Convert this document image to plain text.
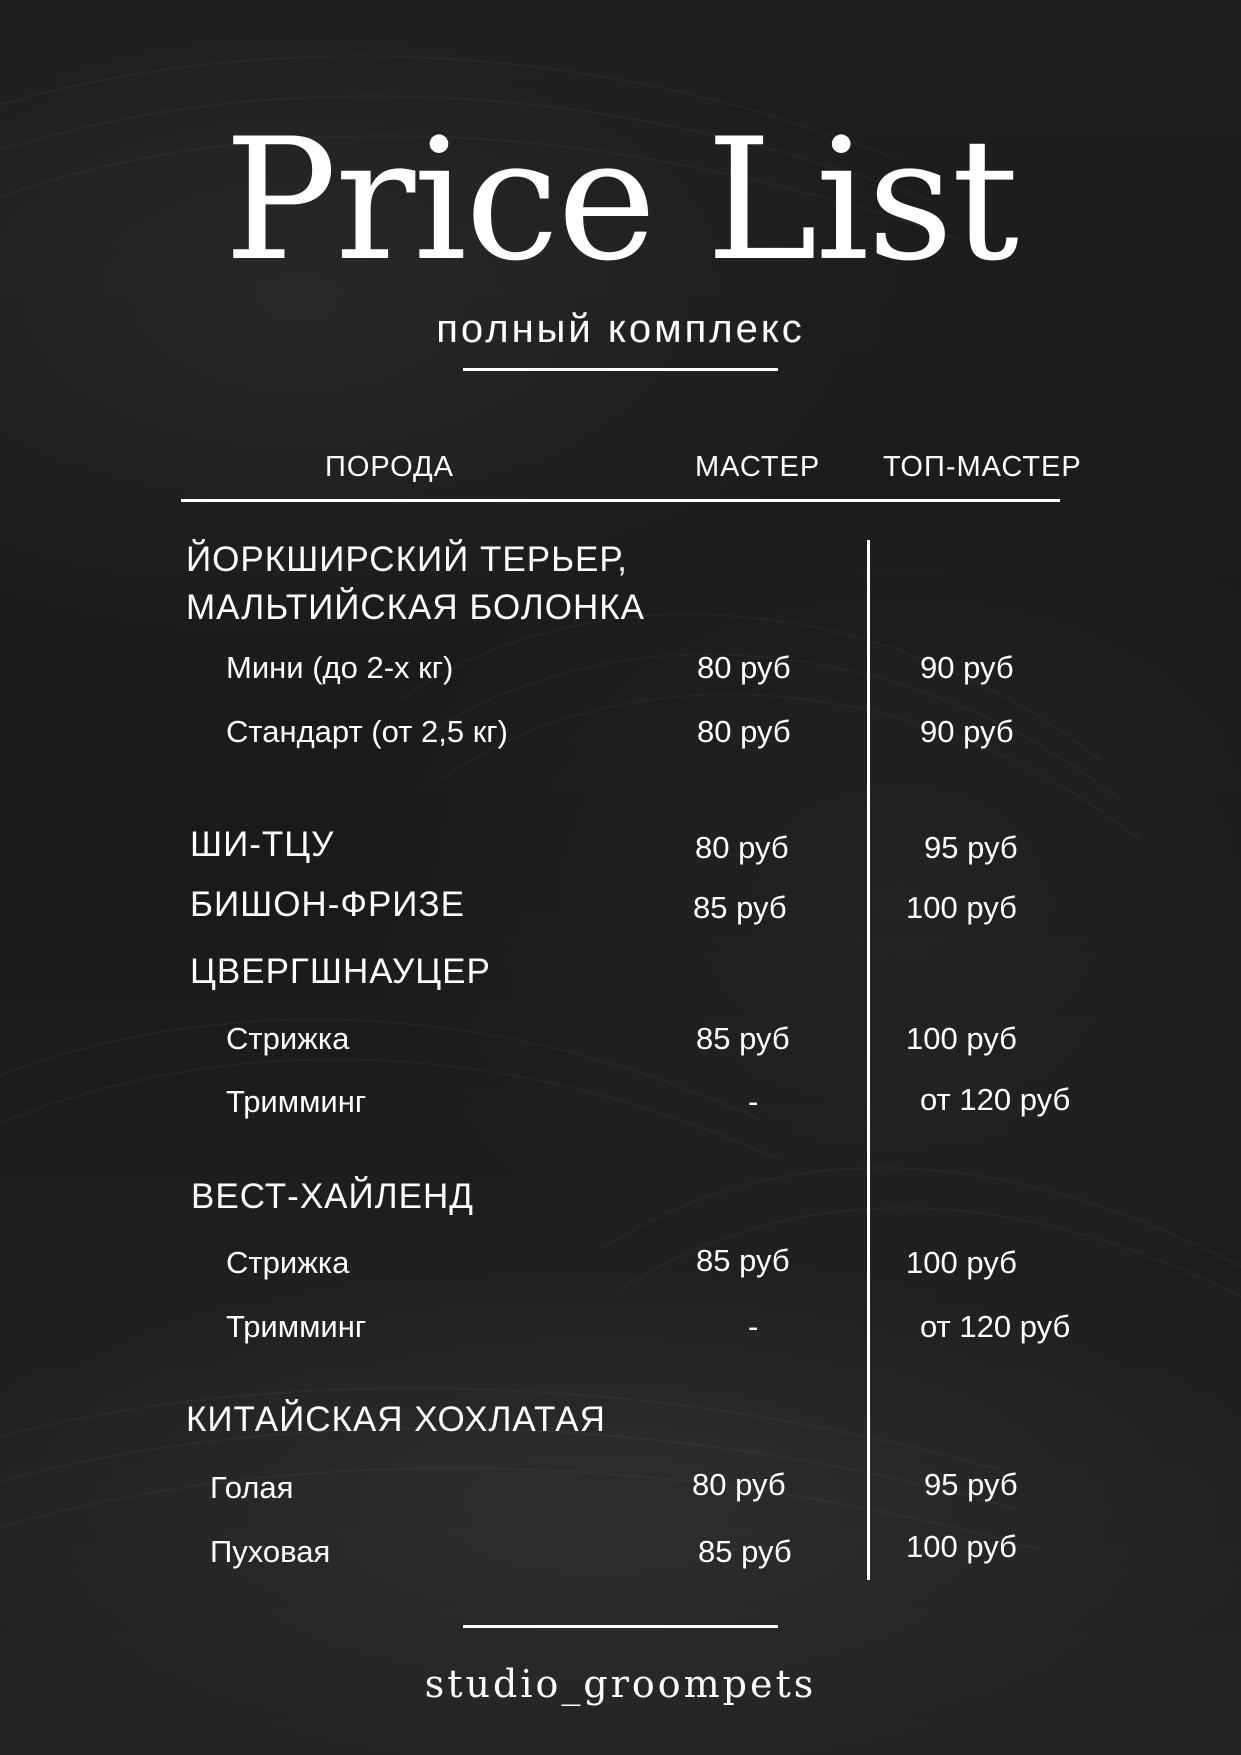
Price List
полный комплекс
ПОРОДА	МАСТЕР ТОП-МАСТЕР
ЙОРКШИРСКИЙ ТЕРЬЕР,
МАЛЬТИЙСКАЯ БОЛОНКА
Мини (до 2-х кг)	80 руб	90 руб
Стандарт (от 2,5 кг)	80 руб	90 руб
ШИ-ТЦУ	80 руб	95 руб
БИШОН-ФРИЗЕ	85 руб	100 руб
ЦВЕРГШНАУЦЕР
Стрижка	85 руб	100 руб
Тримминг	-	от 120 руб
ВЕСТ-ХАЙЛЕНД
Стрижка	85 руб	100 руб
Тримминг	-	от 120 руб
КИТАЙСКАЯ ХОХЛАТАЯ
Голая	80 руб	95 руб
Пуховая	85 руб	100 руб
studio_groompets
